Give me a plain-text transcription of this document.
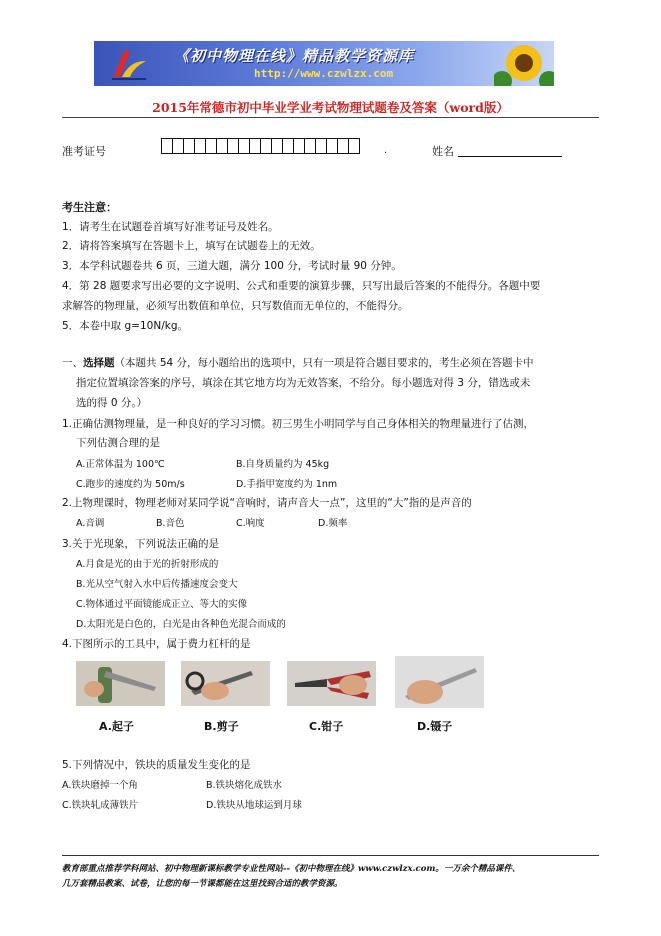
《初中物理在线》精品教学资源库
http://www.czwlzx.com
2015年常德市初中毕业学业考试物理试题卷及答案（word版）
准考证号	.	姓名
考生注意：
1．请考生在试题卷首填写好准考证号及姓名。
2．请将答案填写在答题卡上，填写在试题卷上的无效。
3．本学科试题卷共 6 页，三道大题，满分 100 分，考试时量 90 分钟。
4．第 28 题要求写出必要的文字说明、公式和重要的演算步骤，只写出最后答案的不能得分。各题中要
求解答的物理量，必须写出数值和单位，只写数值而无单位的，不能得分。
5．本卷中取 g=10N/kg。
一、选择题（本题共 54 分，每小题给出的选项中，只有一项是符合题目要求的，考生必须在答题卡中
指定位置填涂答案的序号，填涂在其它地方均为无效答案，不给分。每小题选对得 3 分，错选或未
选的得 0 分。）
1.正确估测物理量，是一种良好的学习习惯。初三男生小明同学与自己身体相关的物理量进行了估测，
下列估测合理的是
A.正常体温为 100℃	B.自身质量约为 45kg
C.跑步的速度约为 50m/s	D.手指甲宽度约为 1nm
2.上物理课时，物理老师对某同学说“音响时，请声音大一点”，这里的“大”指的是声音的
A.音调	B.音色	C.响度	D.频率
3.关于光现象，下列说法正确的是
A.月食是光的由于光的折射形成的
B.光从空气射入水中后传播速度会变大
C.物体通过平面镜能成正立、等大的实像
D.太阳光是白色的，白光是由各种色光混合而成的
4.下图所示的工具中，属于费力杠杆的是
A.起子	B.剪子	C.钳子	D.镊子
5.下列情况中，铁块的质量发生变化的是
A.铁块磨掉一个角	B.铁块熔化成铁水
C.铁块轧成薄铁片	D.铁块从地球运到月球
教育部重点推荐学科网站、初中物理新课标教学专业性网站--《初中物理在线》www.czwlzx.com。一万余个精品课件、
几万套精品教案、试卷，让您的每一节课都能在这里找到合适的教学资源。
